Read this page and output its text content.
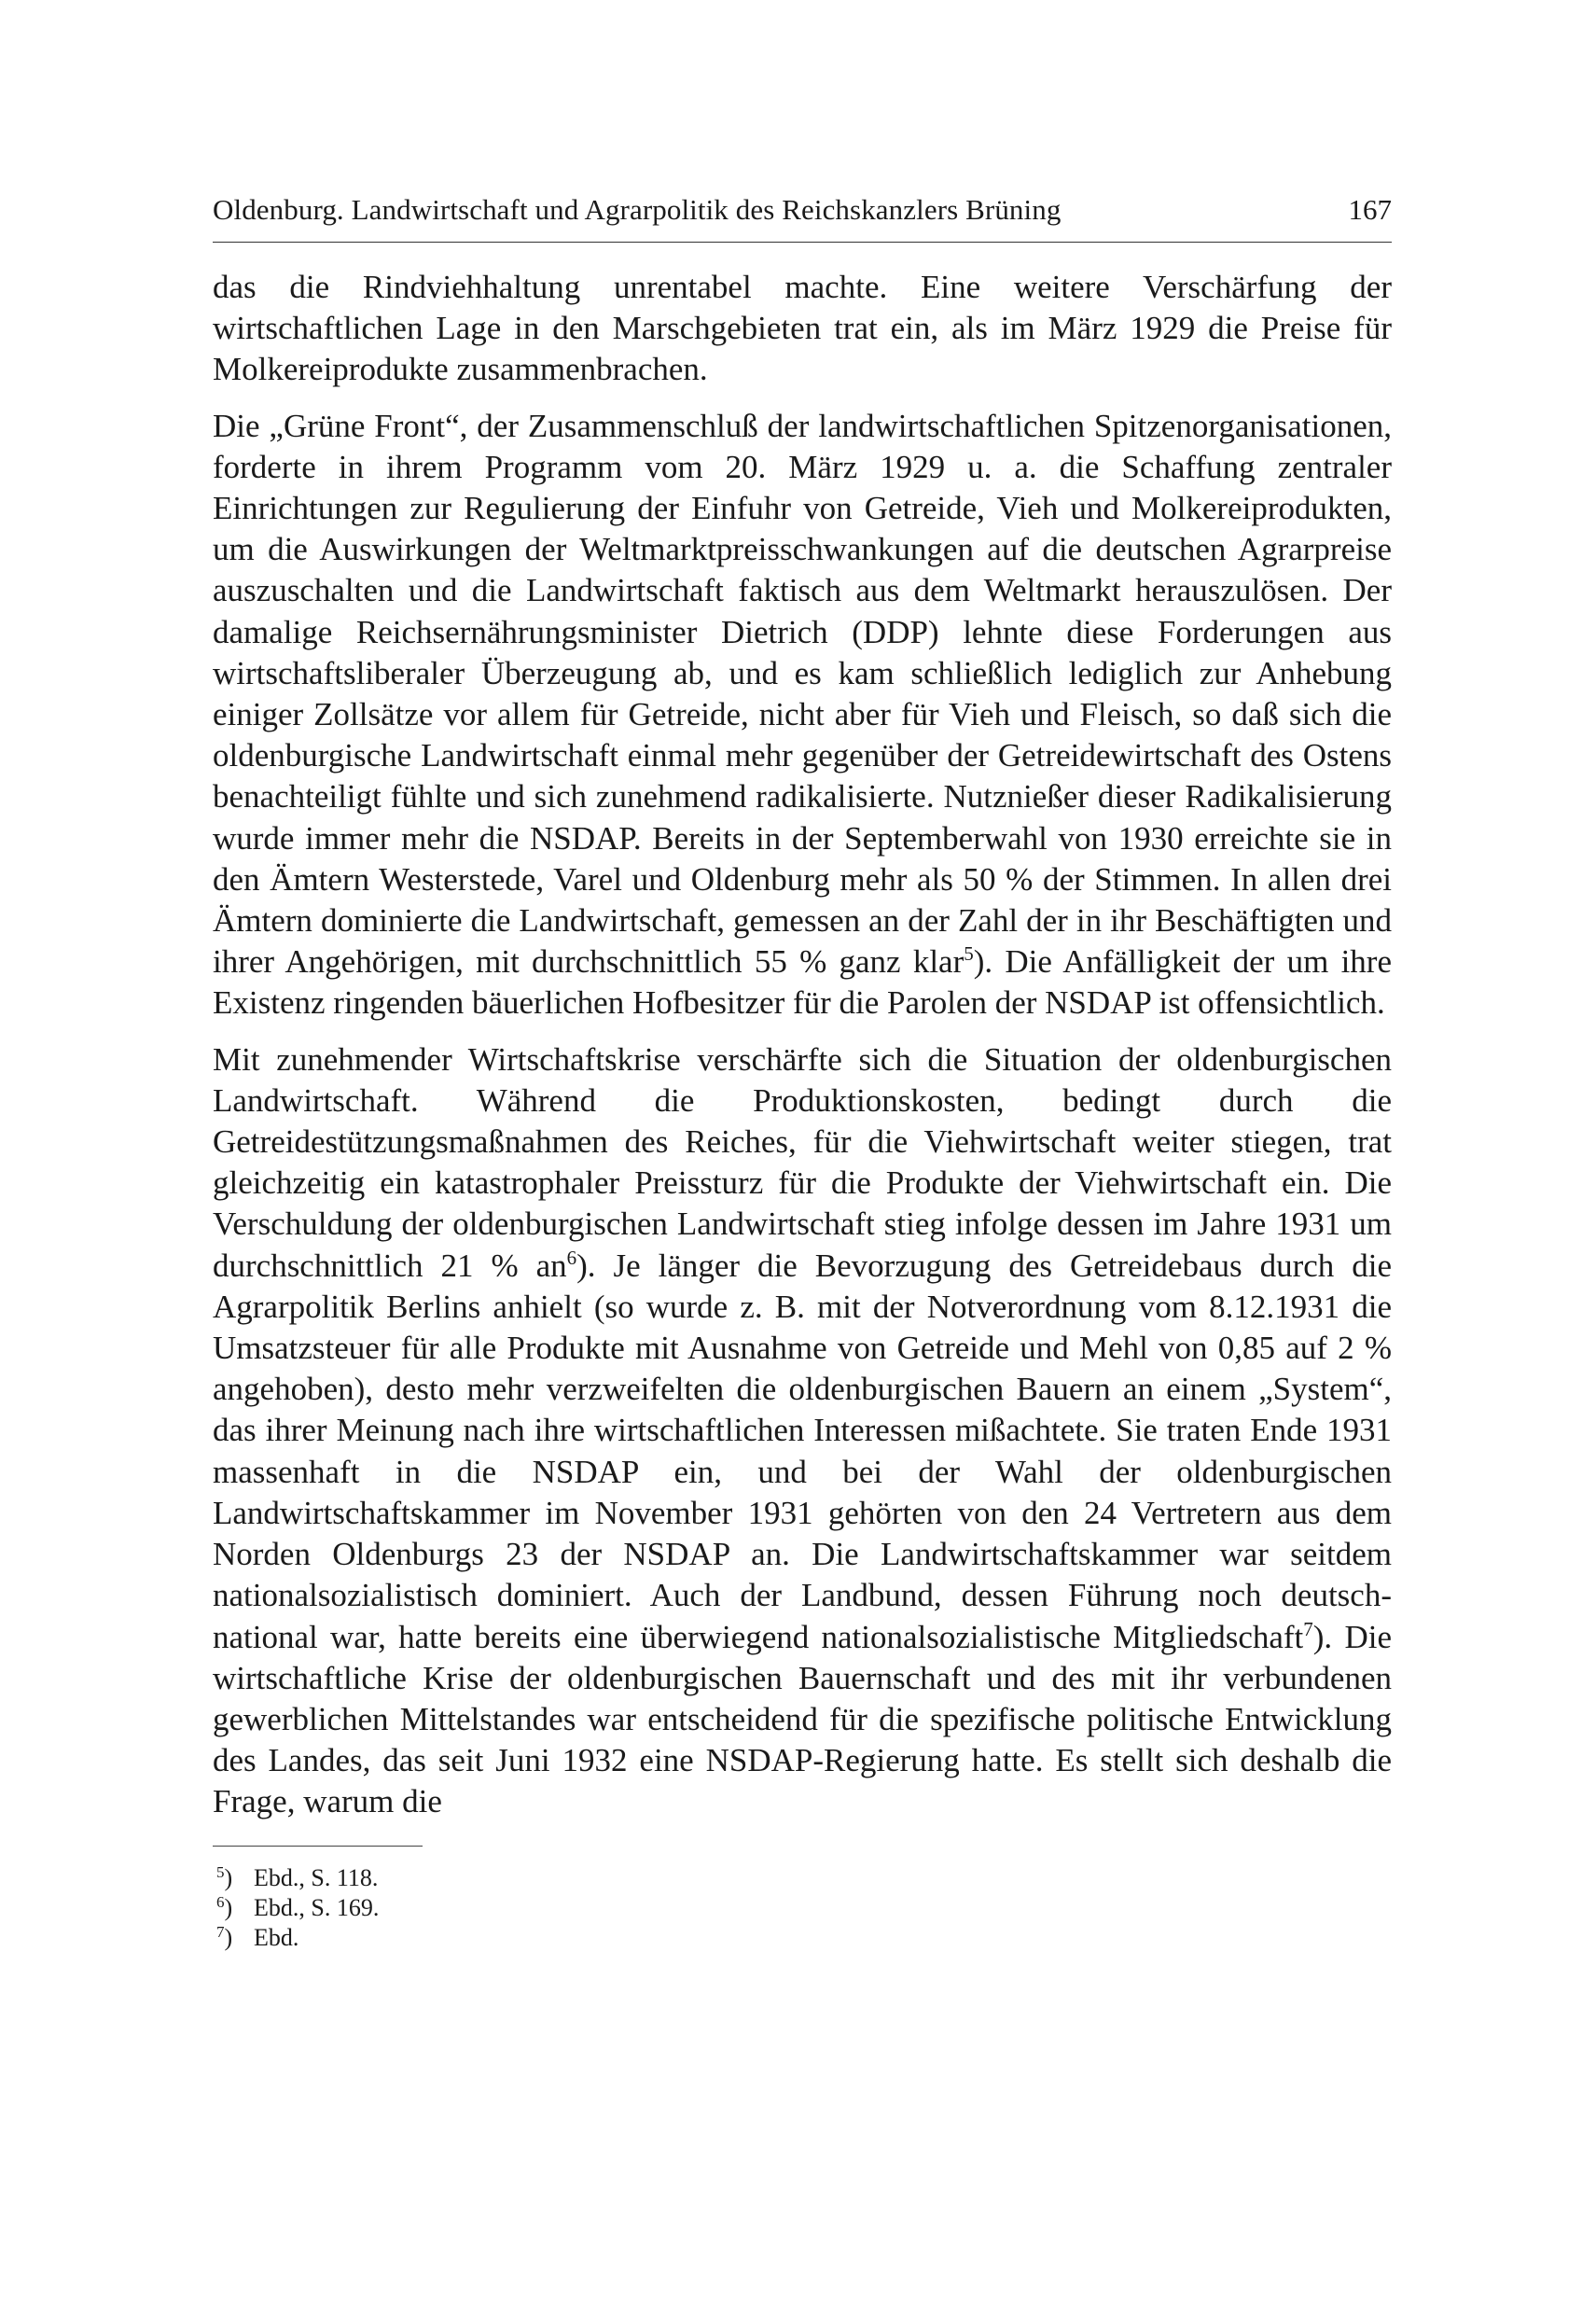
Oldenburg. Landwirtschaft und Agrarpolitik des Reichskanzlers Brüning	167

das die Rindviehhaltung unrentabel machte. Eine weitere Verschärfung der wirtschaftlichen Lage in den Marschgebieten trat ein, als im März 1929 die Preise für Molkereiprodukte zusammenbrachen.

Die „Grüne Front“, der Zusammenschluß der landwirtschaftlichen Spitzenorganisationen, forderte in ihrem Programm vom 20. März 1929 u. a. die Schaffung zentraler Einrichtungen zur Regulierung der Einfuhr von Getreide, Vieh und Molkereiprodukten, um die Auswirkungen der Weltmarktpreisschwankungen auf die deutschen Agrarpreise auszuschalten und die Landwirtschaft faktisch aus dem Weltmarkt herauszulösen. Der damalige Reichsernährungsminister Dietrich (DDP) lehnte diese Forderungen aus wirtschaftsliberaler Überzeugung ab, und es kam schließlich lediglich zur Anhebung einiger Zollsätze vor allem für Getreide, nicht aber für Vieh und Fleisch, so daß sich die oldenburgische Landwirtschaft einmal mehr gegenüber der Getreidewirtschaft des Ostens benachteiligt fühlte und sich zunehmend radikalisierte. Nutznießer dieser Radikalisierung wurde immer mehr die NSDAP. Bereits in der Septemberwahl von 1930 erreichte sie in den Ämtern Westerstede, Varel und Oldenburg mehr als 50 % der Stimmen. In allen drei Ämtern dominierte die Landwirtschaft, gemessen an der Zahl der in ihr Beschäftigten und ihrer Angehörigen, mit durchschnittlich 55 % ganz klar$^5$). Die Anfälligkeit der um ihre Existenz ringenden bäuerlichen Hofbesitzer für die Parolen der NSDAP ist offensichtlich.

Mit zunehmender Wirtschaftskrise verschärfte sich die Situation der oldenburgischen Landwirtschaft. Während die Produktionskosten, bedingt durch die Getreidestützungsmaßnahmen des Reiches, für die Viehwirtschaft weiter stiegen, trat gleichzeitig ein katastrophaler Preissturz für die Produkte der Viehwirtschaft ein. Die Verschuldung der oldenburgischen Landwirtschaft stieg infolge dessen im Jahre 1931 um durchschnittlich 21 % an$^6$). Je länger die Bevorzugung des Getreidebaus durch die Agrarpolitik Berlins anhielt (so wurde z. B. mit der Notverordnung vom 8.12.1931 die Umsatzsteuer für alle Produkte mit Ausnahme von Getreide und Mehl von 0,85 auf 2 % angehoben), desto mehr verzweifelten die oldenburgischen Bauern an einem „System“, das ihrer Meinung nach ihre wirtschaftlichen Interessen mißachtete. Sie traten Ende 1931 massenhaft in die NSDAP ein, und bei der Wahl der oldenburgischen Landwirtschaftskammer im November 1931 gehörten von den 24 Vertretern aus dem Norden Oldenburgs 23 der NSDAP an. Die Landwirtschaftskammer war seitdem nationalsozialistisch dominiert. Auch der Landbund, dessen Führung noch deutsch-national war, hatte bereits eine überwiegend nationalsozialistische Mitgliedschaft$^7$). Die wirtschaftliche Krise der oldenburgischen Bauernschaft und des mit ihr verbundenen gewerblichen Mittelstandes war entscheidend für die spezifische politische Entwicklung des Landes, das seit Juni 1932 eine NSDAP-Regierung hatte. Es stellt sich deshalb die Frage, warum die

$^5$) Ebd., S. 118.
$^6$) Ebd., S. 169.
$^7$) Ebd.
